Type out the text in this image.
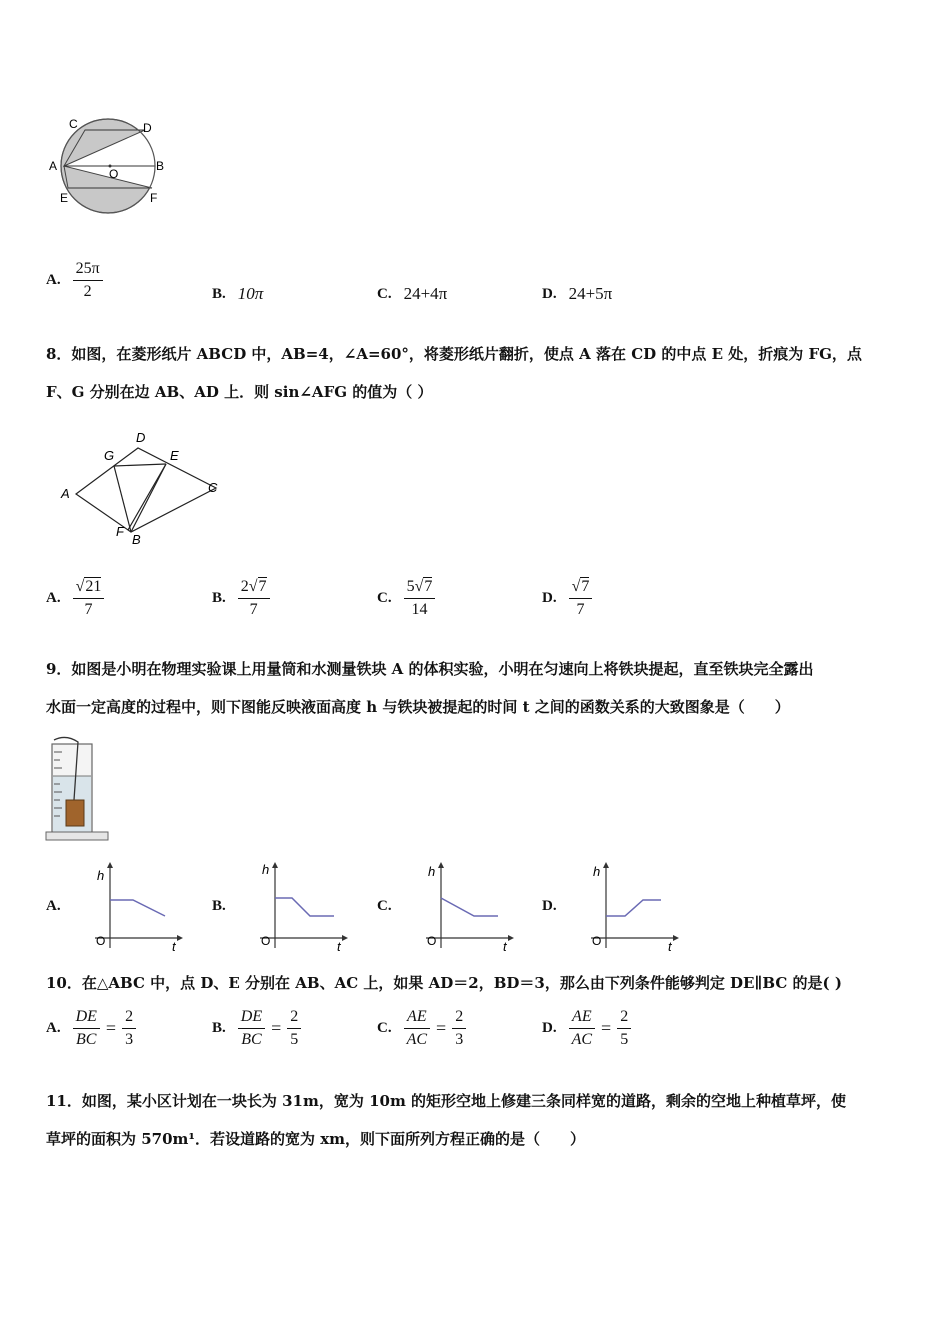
C	D
A
O
B
E	F
A. $\frac{25\pi}{2}$	B. 10π	C. 24+4π	D. 24+5π
8．如图，在菱形纸片 ABCD 中，AB=4，∠A=60°，将菱形纸片翻折，使点 A 落在 CD 的中点 E 处，折痕为 FG，点
F、G 分别在边 AB、AD 上．则 sin∠AFG 的值为（ ）
D
G	E
A	C
F
B
A. $\frac{√21}{7}$	B. $\frac{2√7}{7}$	C. $\frac{5√7}{14}$	D. $\frac{√7}{7}$
9．如图是小明在物理实验课上用量筒和水测量铁块 A 的体积实验，小明在匀速向上将铁块提起，直至铁块完全露出
水面一定高度的过程中，则下图能反映液面高度 h 与铁块被提起的时间 t 之间的函数关系的大致图象是（　　）
A.
h
t
O
B.
h
t
O
C.
h
t
O
D.
h
t
O
10．在△ABC 中，点 D、E 分别在 AB、AC 上，如果 AD＝2，BD＝3，那么由下列条件能够判定 DE∥BC 的是( )
A. $\frac{DE}{BC} = \frac{2}{3}$	B. $\frac{DE}{BC} = \frac{2}{5}$	C. $\frac{AE}{AC} = \frac{2}{3}$	D. $\frac{AE}{AC} = \frac{2}{5}$
11．如图，某小区计划在一块长为 31m，宽为 10m 的矩形空地上修建三条同样宽的道路，剩余的空地上种植草坪，使
草坪的面积为 570m¹．若设道路的宽为 xm，则下面所列方程正确的是（　　）
